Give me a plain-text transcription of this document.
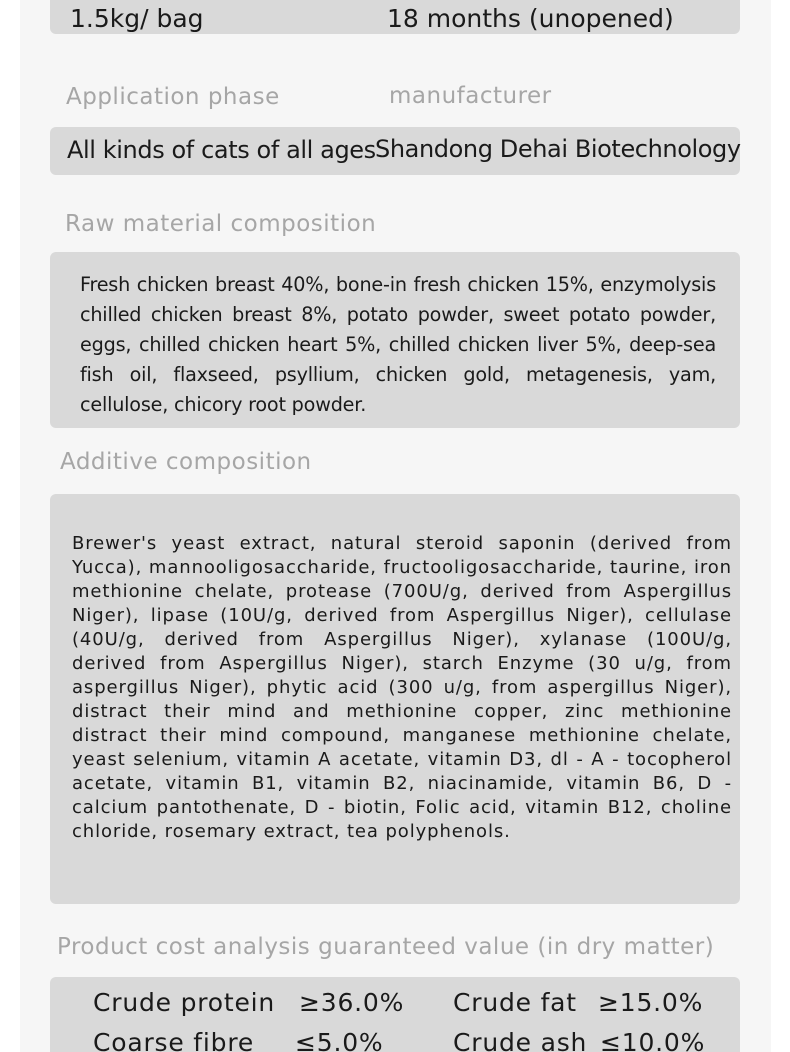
1.5kg/ bag	18 months (unopened)
Application phase	manufacturer
All kinds of cats of all ages Shandong Dehai Biotechnology
Raw material composition
Fresh chicken breast 40%, bone-in fresh chicken 15%, enzymolysis chilled chicken breast 8%, potato powder, sweet potato powder, eggs, chilled chicken heart 5%, chilled chicken liver 5%, deep-sea fish oil, flaxseed, psyllium, chicken gold, metagenesis, yam, cellulose, chicory root powder.
Additive composition
Brewer's yeast extract, natural steroid saponin (derived from Yucca), mannooligosaccharide, fructooligosaccharide, taurine, iron methionine chelate, protease (700U/g, derived from Aspergillus Niger), lipase (10U/g, derived from Aspergillus Niger), cellulase (40U/g, derived from Aspergillus Niger), xylanase (100U/g, derived from Aspergillus Niger), starch Enzyme (30 u/g, from aspergillus Niger), phytic acid (300 u/g, from aspergillus Niger), distract their mind and methionine copper, zinc methionine distract their mind compound, manganese methionine chelate, yeast selenium, vitamin A acetate, vitamin D3, dl - A - tocopherol acetate, vitamin B1, vitamin B2, niacinamide, vitamin B6, D - calcium pantothenate, D - biotin, Folic acid, vitamin B12, choline chloride, rosemary extract, tea polyphenols.
Product cost analysis guaranteed value (in dry matter)
Crude protein ≥36.0% Crude fat ≥15.0%
Coarse fibre ≤5.0%	Crude ash ≤10.0%
